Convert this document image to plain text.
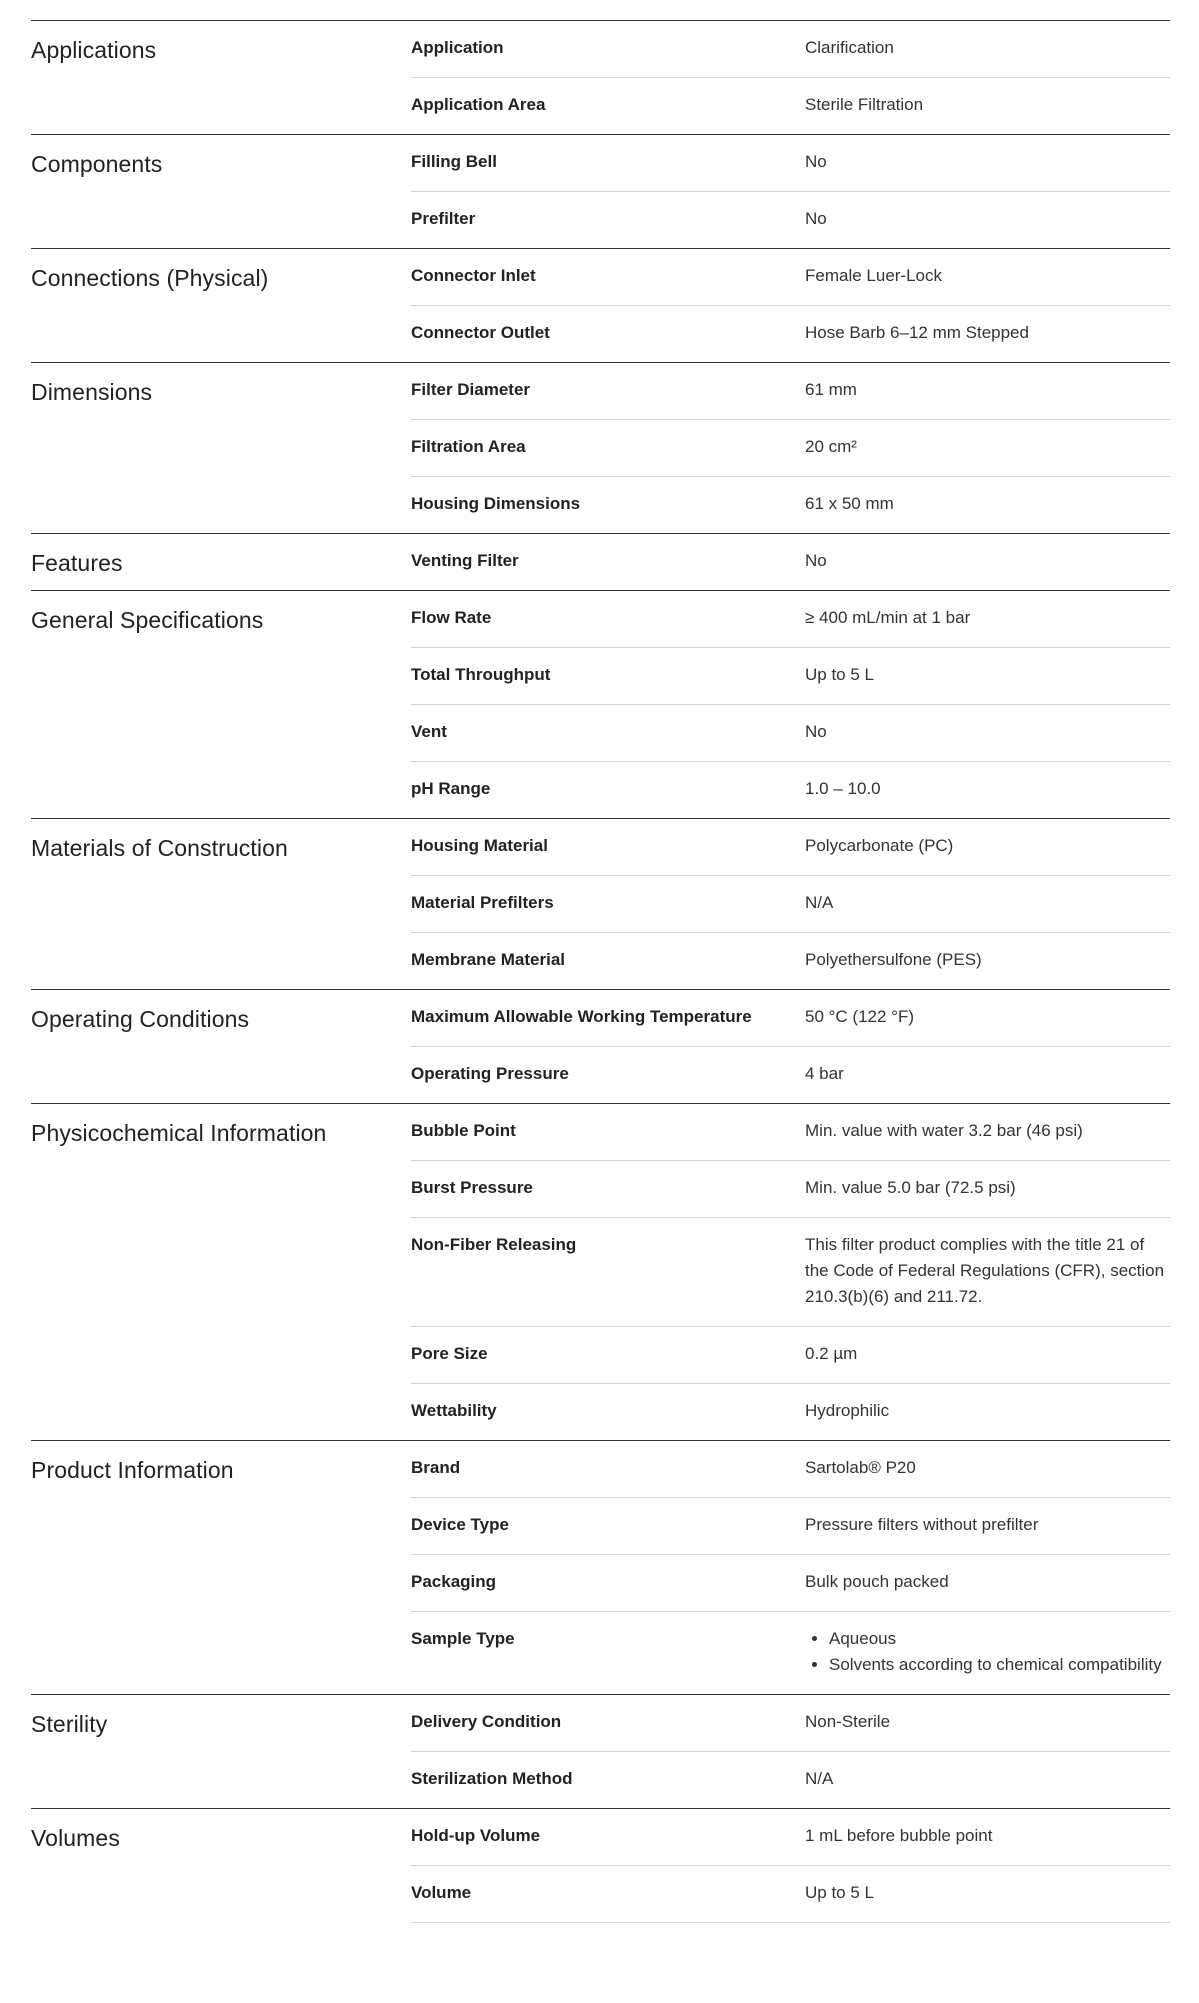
Applications	Application	Clarification
Application Area	Sterile Filtration
Components	Filling Bell	No
Prefilter	No
Connections (Physical)	Connector Inlet	Female Luer-Lock
Connector Outlet	Hose Barb 6–12 mm Stepped
Dimensions	Filter Diameter	61 mm
Filtration Area	20 cm²
Housing Dimensions	61 x 50 mm
Features	Venting Filter	No
General Specifications	Flow Rate	≥ 400 mL/min at 1 bar
Total Throughput	Up to 5 L
Vent	No
pH Range	1.0 – 10.0
Materials of Construction	Housing Material	Polycarbonate (PC)
Material Prefilters	N/A
Membrane Material	Polyethersulfone (PES)
Operating Conditions	Maximum Allowable Working Temperature	50 °C (122 °F)
Operating Pressure	4 bar
Physicochemical Information	Bubble Point	Min. value with water 3.2 bar (46 psi)
Burst Pressure	Min. value 5.0 bar (72.5 psi)
Non-Fiber Releasing	This filter product complies with the title 21 of the Code of Federal Regulations (CFR), section 210.3(b)(6) and 211.72.
Pore Size	0.2 µm
Wettability	Hydrophilic
Product Information	Brand	Sartolab® P20
Device Type	Pressure filters without prefilter
Packaging	Bulk pouch packed
Sample Type
•	Aqueous
• Solvents according to chemical compatibility
Sterility	Delivery Condition	Non-Sterile
Sterilization Method	N/A
Volumes	Hold-up Volume	1 mL before bubble point
Volume	Up to 5 L
